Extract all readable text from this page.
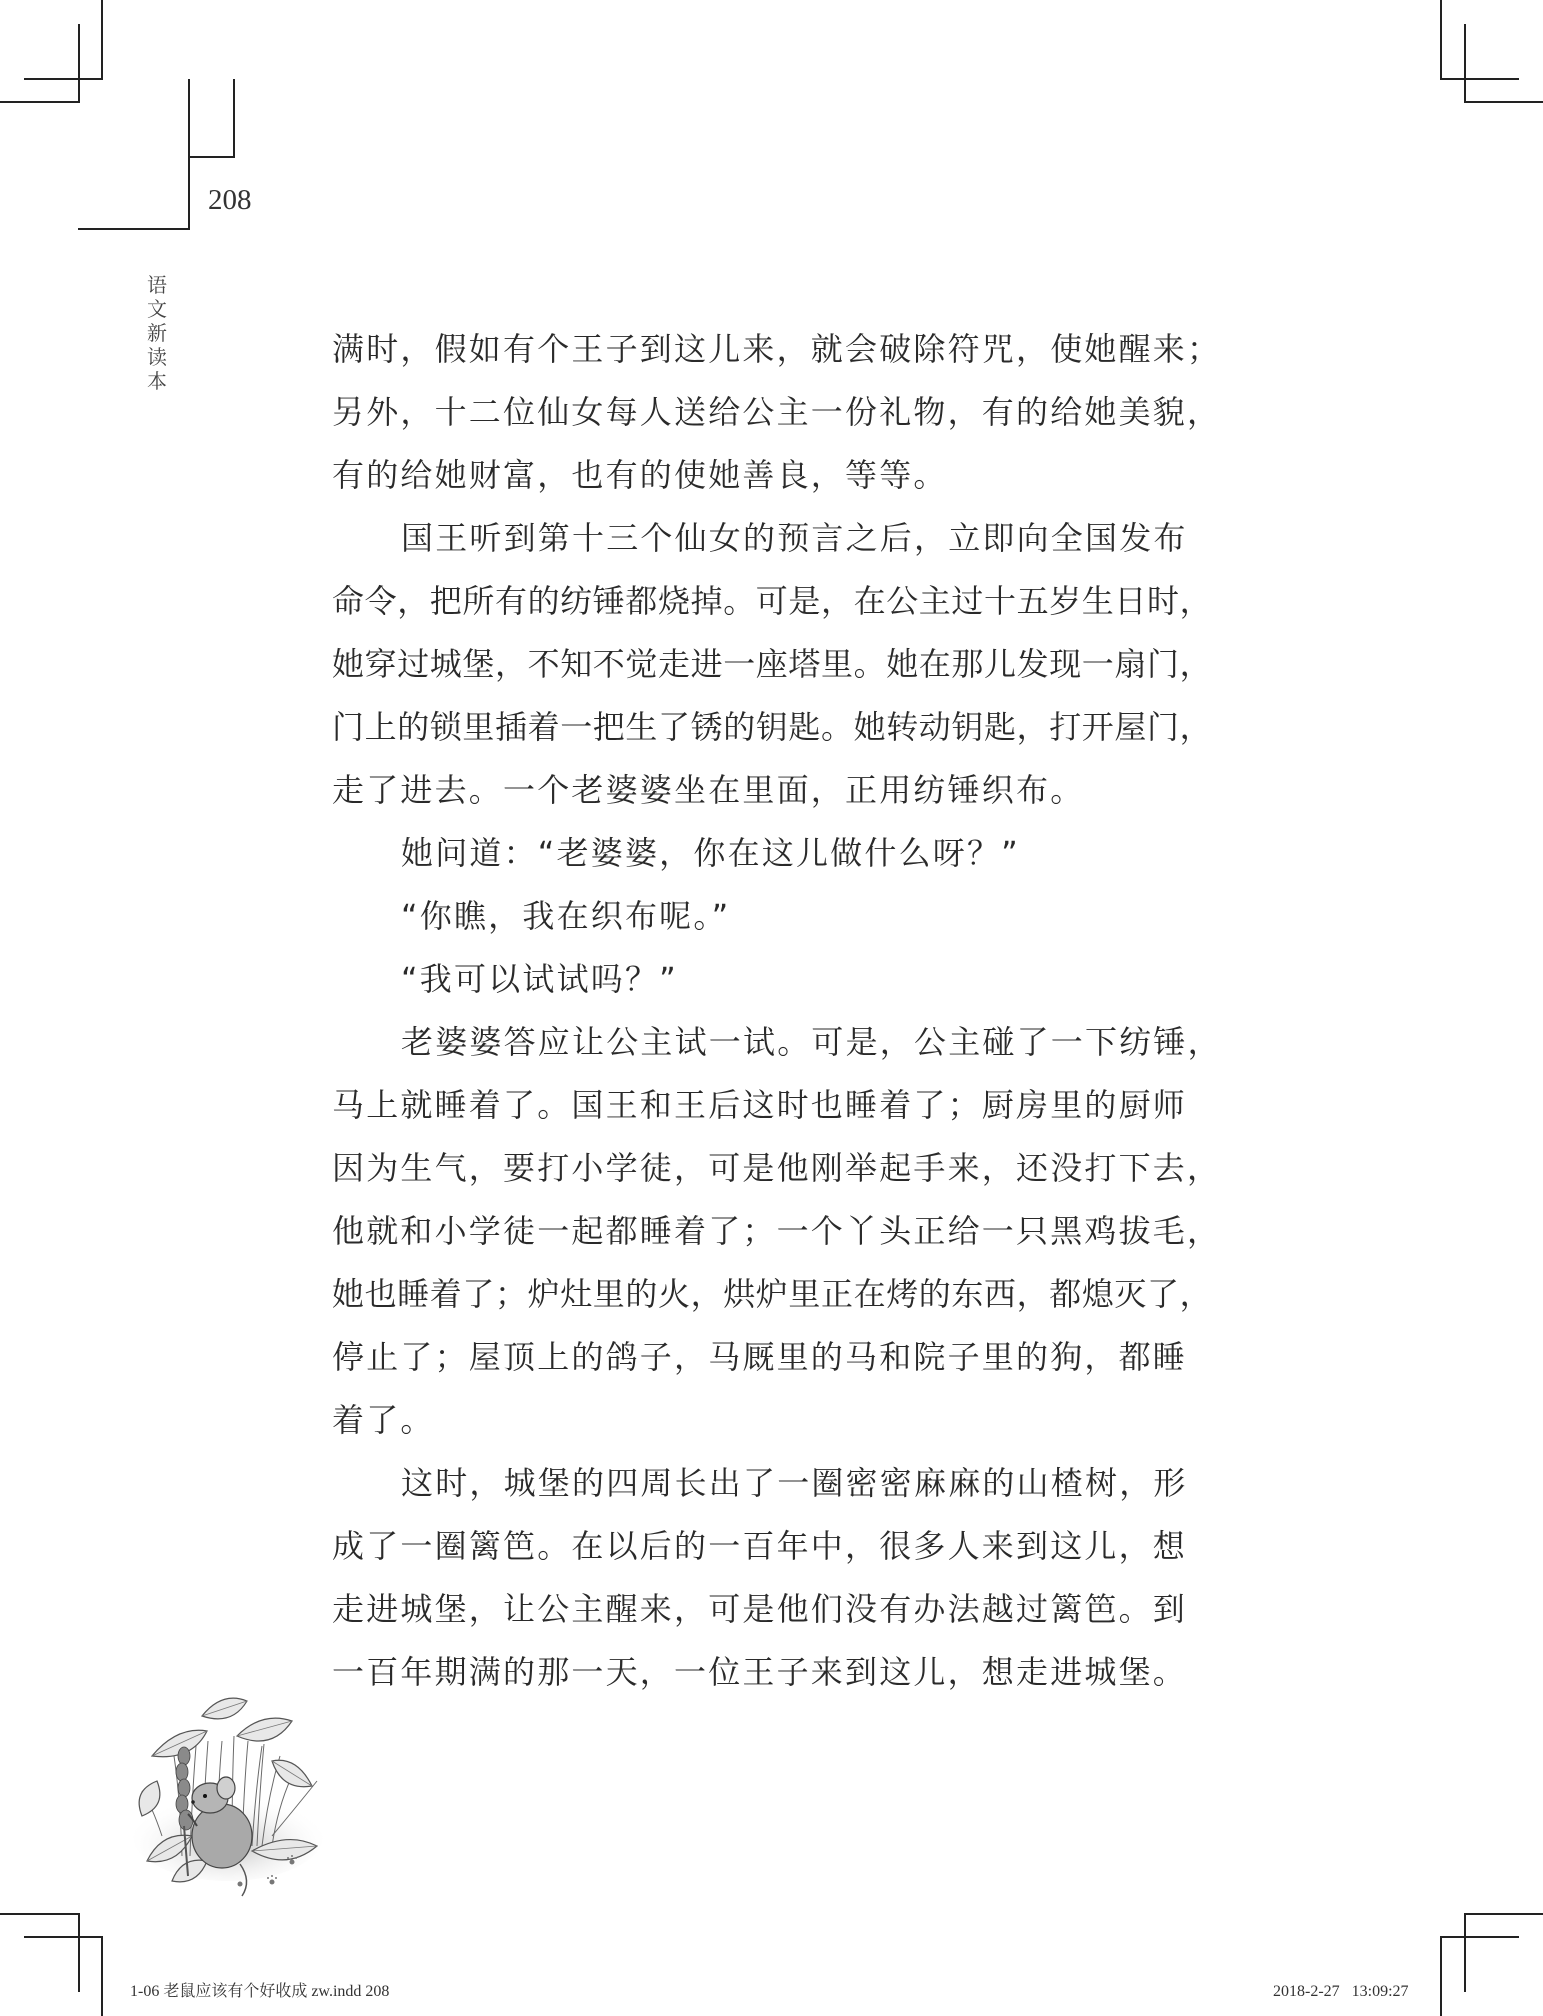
208
语
文
新
读
本
满时，假如有个王子到这儿来，就会破除符咒，使她醒来；
另外，十二位仙女每人送给公主一份礼物，有的给她美貌，
有的给她财富，也有的使她善良，等等。
国王听到第十三个仙女的预言之后，立即向全国发布
命令，把所有的纺锤都烧掉。可是，在公主过十五岁生日时，
她穿过城堡，不知不觉走进一座塔里。她在那儿发现一扇门，
门上的锁里插着一把生了锈的钥匙。她转动钥匙，打开屋门，
走了进去。一个老婆婆坐在里面，正用纺锤织布。
她问道：“老婆婆，你在这儿做什么呀？”
“你瞧，我在织布呢。”
“我可以试试吗？”
老婆婆答应让公主试一试。可是，公主碰了一下纺锤，
马上就睡着了。国王和王后这时也睡着了；厨房里的厨师
因为生气，要打小学徒，可是他刚举起手来，还没打下去，
他就和小学徒一起都睡着了；一个丫头正给一只黑鸡拔毛，
她也睡着了；炉灶里的火，烘炉里正在烤的东西，都熄灭了，
停止了；屋顶上的鸽子，马厩里的马和院子里的狗，都睡
着了。
这时，城堡的四周长出了一圈密密麻麻的山楂树，形
成了一圈篱笆。在以后的一百年中，很多人来到这儿，想
走进城堡，让公主醒来，可是他们没有办法越过篱笆。到
一百年期满的那一天，一位王子来到这儿，想走进城堡。
1-06 老鼠应该有个好收成 zw.indd 208	2018-2-27   13:09:27
